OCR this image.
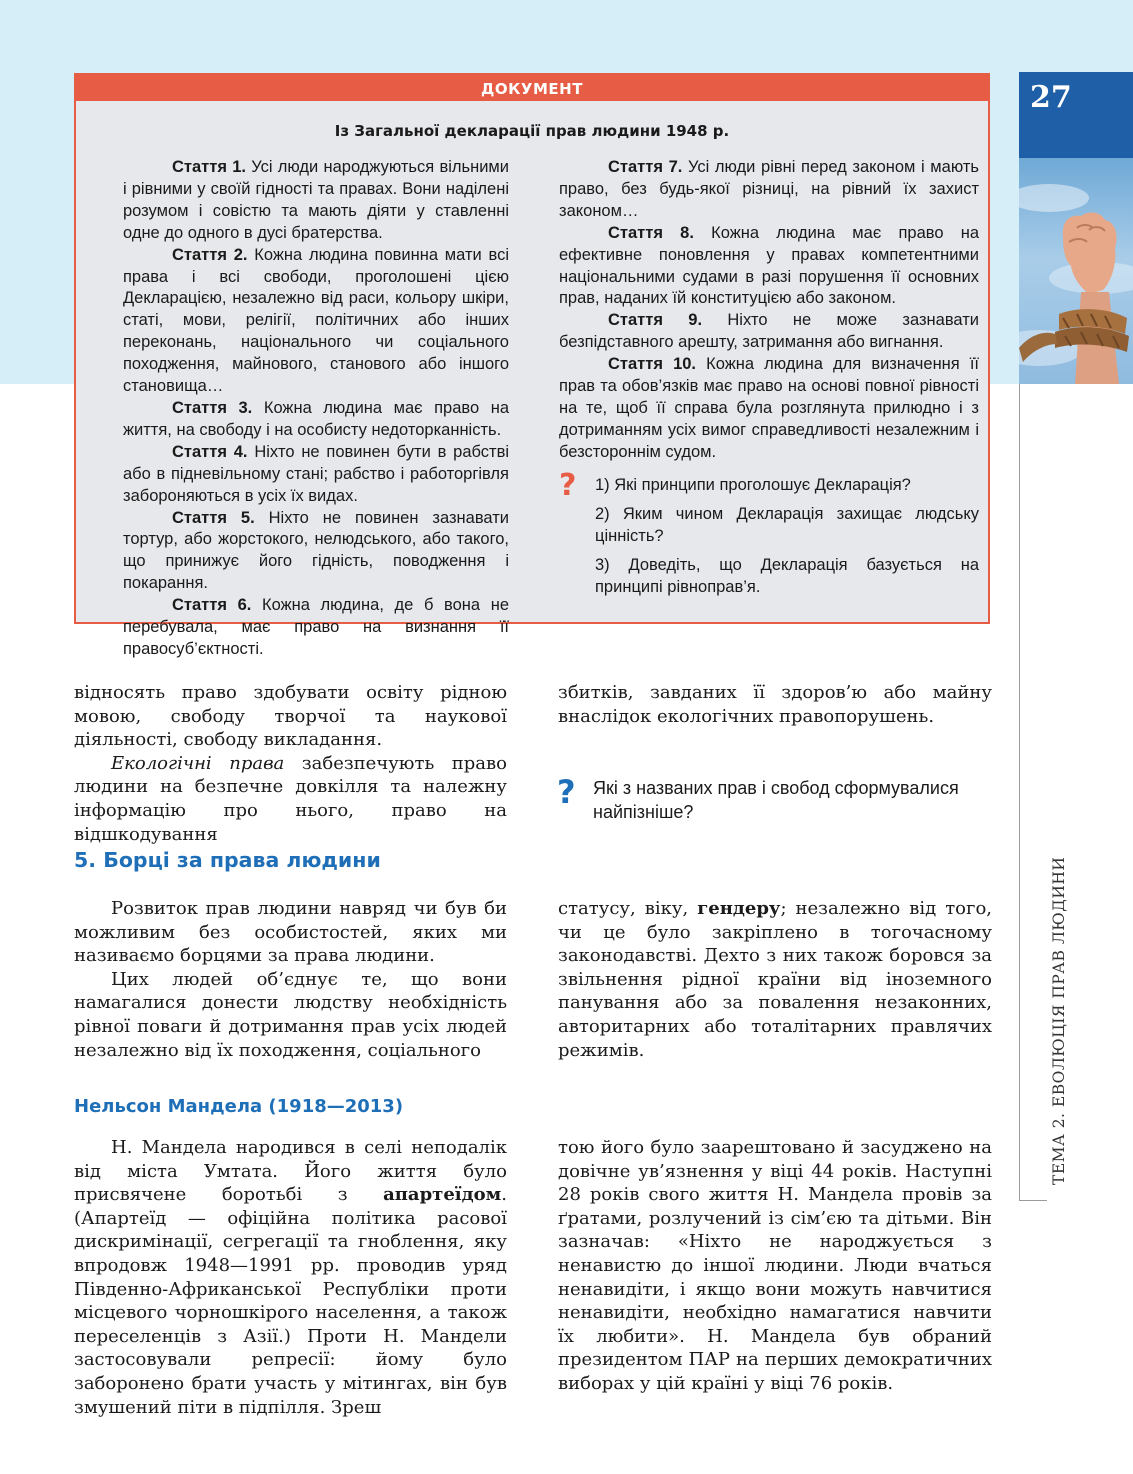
27
ТЕМА 2. ЕВОЛЮЦІЯ ПРАВ ЛЮДИНИ
ДОКУМЕНТ
Із Загальної декларації прав людини 1948 р.

Стаття 1. Усі люди народжуються вільними і рівними у своїй гідності та правах. Вони наділені розумом і совістю та мають діяти у ставленні одне до одного в дусі братерства.

Стаття 2. Кожна людина повинна мати всі права і всі свободи, проголошені цією Декларацією, незалежно від раси, кольору шкіри, статі, мови, релігії, політичних або інших переконань, національного чи соціального походження, майнового, станового або іншого становища…

Стаття 3. Кожна людина має право на життя, на свободу і на особисту недоторканність.

Стаття 4. Ніхто не повинен бути в рабстві або в підневільному стані; рабство і работоргівля забороняються в усіх їх видах.

Стаття 5. Ніхто не повинен зазнавати тортур, або жорстокого, нелюдського, або такого, що принижує його гідність, поводження і покарання.

Стаття 6. Кожна людина, де б вона не перебувала, має право на визнання її правосуб’єктності.

Стаття 7. Усі люди рівні перед законом і мають право, без будь-якої різниці, на рівний їх захист законом…

Стаття 8. Кожна людина має право на ефективне поновлення у правах компетентними національними судами в разі порушення її основних прав, наданих їй конституцією або законом.

Стаття 9. Ніхто не може зазнавати безпідставного арешту, затримання або вигнання.

Стаття 10. Кожна людина для визначення її прав та обов’язків має право на основі повної рівності на те, щоб її справа була розглянута прилюдно і з дотриманням усіх вимог справедливості незалежним і безстороннім судом.

? 1) Які принципи проголошує Декларація?

2) Яким чином Декларація захищає людську цінність?

3) Доведіть, що Декларація базується на принципі рівноправ’я.

відносять право здобувати освіту рідною мовою, свободу творчої та наукової діяльності, свободу викладання.

Екологічні права забезпечують право людини на безпечне довкілля та належну інформацію про нього, право на відшкодування

збитків, завданих її здоров’ю або майну внаслідок екологічних правопорушень.

? Які з названих прав і свобод сформувалися найпізніше?
5. Борці за права людини

Розвиток прав людини навряд чи був би можливим без особистостей, яких ми називаємо борцями за права людини.

Цих людей об’єднує те, що вони намагалися донести людству необхідність рівної поваги й дотримання прав усіх людей незалежно від їх походження, соціального

статусу, віку, гендеру; незалежно від того, чи це було закріплено в тогочасному законодавстві. Дехто з них також боровся за звільнення рідної країни від іноземного панування або за повалення незаконних, авторитарних або тоталітарних правлячих режимів.

Нельсон Мандела (1918—2013)

Н. Мандела народився в селі неподалік від міста Умтата. Його життя було присвячене боротьбі з апартеїдом. (Апартеїд — офіційна політика расової дискримінації, сегрегації та гноблення, яку впродовж 1948—1991 рр. проводив уряд Південно-Африканської Республіки проти місцевого чорношкірого населення, а також переселенців з Азії.) Проти Н. Мандели застосовували репресії: йому було заборонено брати участь у мітингах, він був змушений піти в підпілля. Зреш

тою його було заарештовано й засуджено на довічне ув’язнення у віці 44 років. Наступні 28 років свого життя Н. Мандела провів за ґратами, розлучений із сім’єю та дітьми. Він зазначав: «Ніхто не народжується з ненавистю до іншої людини. Люди вчаться ненавидіти, і якщо вони можуть навчитися ненавидіти, необхідно намагатися навчити їх любити». Н. Мандела був обраний президентом ПАР на перших демократичних виборах у цій країні у віці 76 років.
